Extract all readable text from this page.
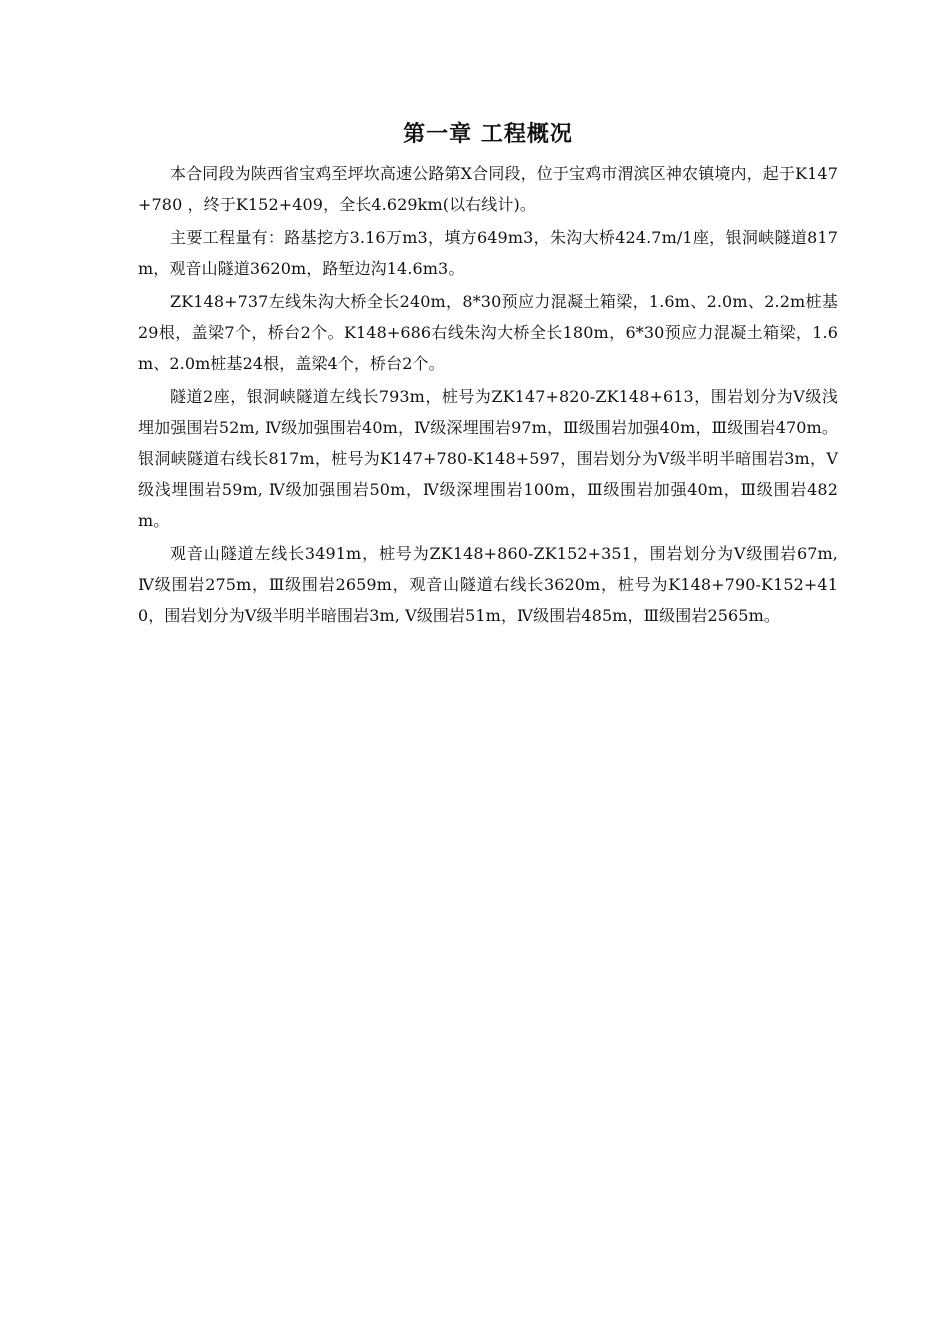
第一章 工程概况

本合同段为陕西省宝鸡至坪坎高速公路第Ⅹ合同段，位于宝鸡市渭滨区神农镇境内，起于K147+780 ，终于K152+409，全长4.629km(以右线计)。

主要工程量有：路基挖方3.16万m3，填方649m3，朱沟大桥424.7m/1座，银洞峡隧道817m，观音山隧道3620m，路堑边沟14.6m3。

ZK148+737左线朱沟大桥全长240m，8*30预应力混凝土箱梁，1.6m、2.0m、2.2m桩基29根，盖梁7个，桥台2个。K148+686右线朱沟大桥全长180m，6*30预应力混凝土箱梁，1.6m、2.0m桩基24根，盖梁4个，桥台2个。

隧道2座，银洞峡隧道左线长793m，桩号为ZK147+820-ZK148+613，围岩划分为Ⅴ级浅埋加强围岩52m, Ⅳ级加强围岩40m，Ⅳ级深埋围岩97m，Ⅲ级围岩加强40m，Ⅲ级围岩470m。银洞峡隧道右线长817m，桩号为K147+780-K148+597，围岩划分为Ⅴ级半明半暗围岩3m，Ⅴ级浅埋围岩59m, Ⅳ级加强围岩50m，Ⅳ级深埋围岩100m，Ⅲ级围岩加强40m，Ⅲ级围岩482m。

观音山隧道左线长3491m，桩号为ZK148+860-ZK152+351，围岩划分为Ⅴ级围岩67m, Ⅳ级围岩275m，Ⅲ级围岩2659m，观音山隧道右线长3620m，桩号为K148+790-K152+410，围岩划分为Ⅴ级半明半暗围岩3m, Ⅴ级围岩51m，Ⅳ级围岩485m，Ⅲ级围岩2565m。
